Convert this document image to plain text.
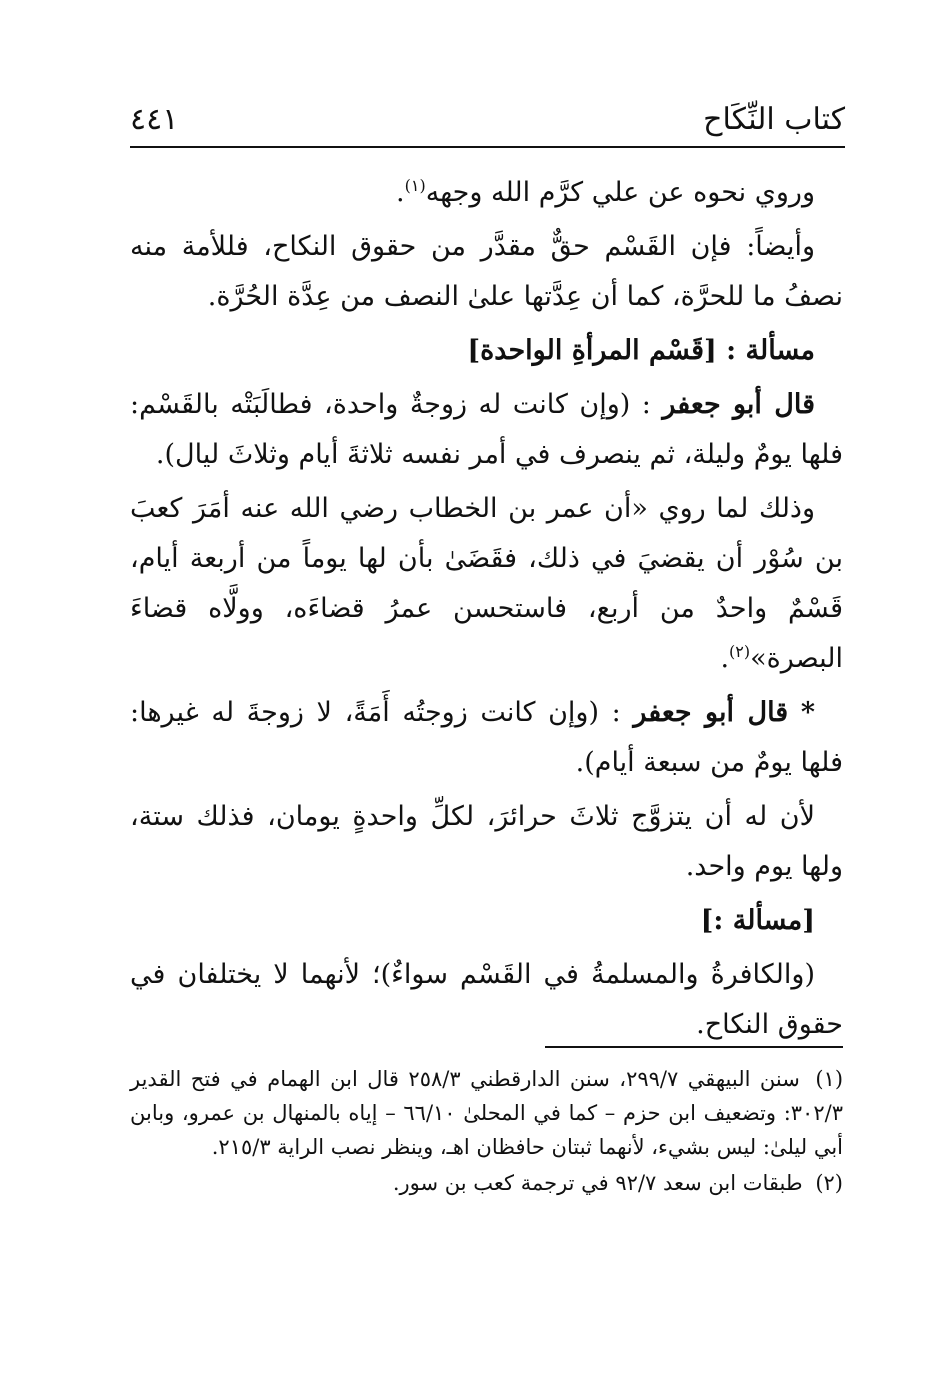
كتاب النِّكَاح
٤٤١

وروي نحوه عن علي كرَّم الله وجهه$^{(١)}$.

وأيضاً: فإن القَسْم حقٌّ مقدَّر من حقوق النكاح، فللأمة منه نصفُ ما للحرَّة، كما أن عِدَّتها علىٰ النصف من عِدَّة الحُرَّة.

مسألة : [قَسْم المرأةِ الواحدة]

قال أبو جعفر : (وإن كانت له زوجةٌ واحدة، فطالَبَتْه بالقَسْم: فلها يومٌ وليلة، ثم ينصرف في أمر نفسه ثلاثةَ أيام وثلاثَ ليال).

وذلك لما روي «أن عمر بن الخطاب رضي الله عنه أمَرَ كعبَ بن سُوْر أن يقضيَ في ذلك، فقَضَىٰ بأن لها يوماً من أربعة أيام، قَسْمٌ واحدٌ من أربع، فاستحسن عمرُ قضاءَه، وولَّاه قضاءَ البصرة»$^{(٢)}$.

* قال أبو جعفر : (وإن كانت زوجتُه أَمَةً، لا زوجةَ له غيرها: فلها يومٌ من سبعة أيام).

لأن له أن يتزوَّج ثلاثَ حرائرَ، لكلِّ واحدةٍ يومان، فذلك ستة، ولها يوم واحد.

[مسألة :]

(والكافرةُ والمسلمةُ في القَسْم سواءٌ)؛ لأنهما لا يختلفان في حقوق النكاح.

(١) سنن البيهقي ٢٩٩/٧، سنن الدارقطني ٢٥٨/٣ قال ابن الهمام في فتح القدير ٣٠٢/٣: وتضعيف ابن حزم – كما في المحلىٰ ٦٦/١٠ – إياه بالمنهال بن عمرو، وبابن أبي ليلىٰ: ليس بشيء، لأنهما ثبتان حافظان اهـ، وينظر نصب الراية ٢١٥/٣.

(٢) طبقات ابن سعد ٩٢/٧ في ترجمة كعب بن سور.
